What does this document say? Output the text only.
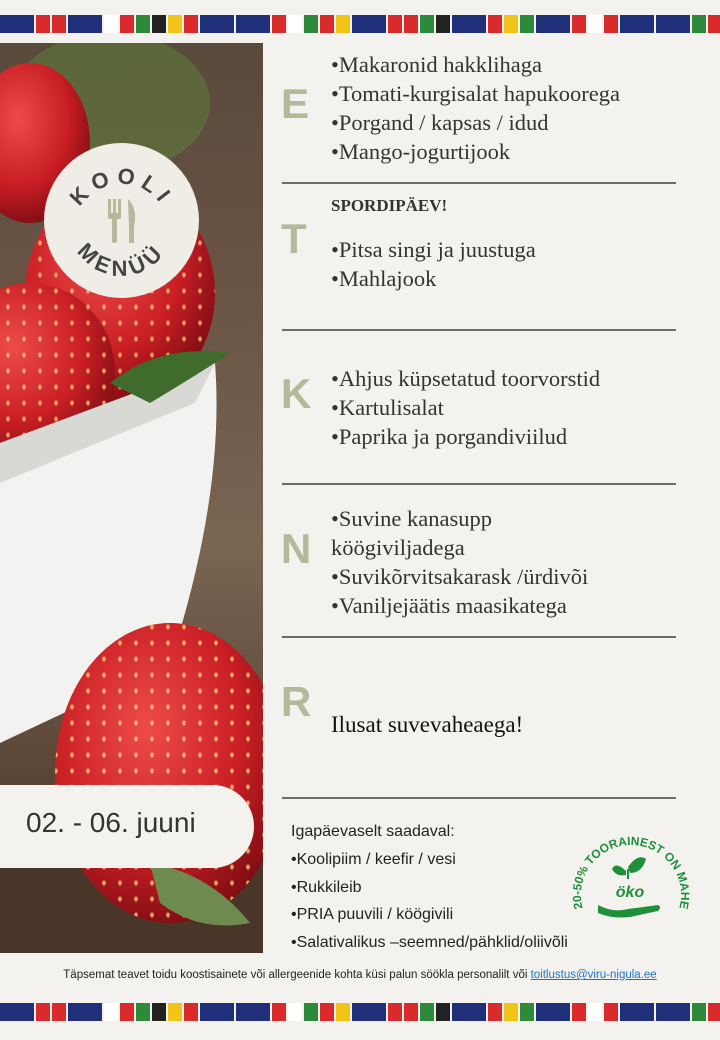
KOOLI
MENÜÜ
02. - 06. juuni
E
•Makaronid hakklihaga
•Tomati-kurgisalat hapukoorega
•Porgand / kapsas / idud
•Mango-jogurtijook
T
SPORDIPÄEV!
•Pitsa singi ja juustuga
•Mahlajook
K •Ahjus küpsetatud toorvorstid
•Kartulisalat
•Paprika ja porgandiviilud
N
•Suvine kanasupp
köögiviljadega
•Suvikõrvitsakarask /ürdivõi
•Vaniljejäätis maasikatega
R Ilusat suvevaheaega!
Igapäevaselt saadaval:
•Koolipiim / keefir / vesi
•Rukkileib
•PRIA puuvili / köögivili
•Salativalikus –seemned/pähklid/oliivõli
20-50% TOORAINEST ON MAHE
öko
Täpsemat teavet toidu koostisainete või allergeenide kohta küsi palun söökla personalilt või toitlustus@viru-nigula.ee
